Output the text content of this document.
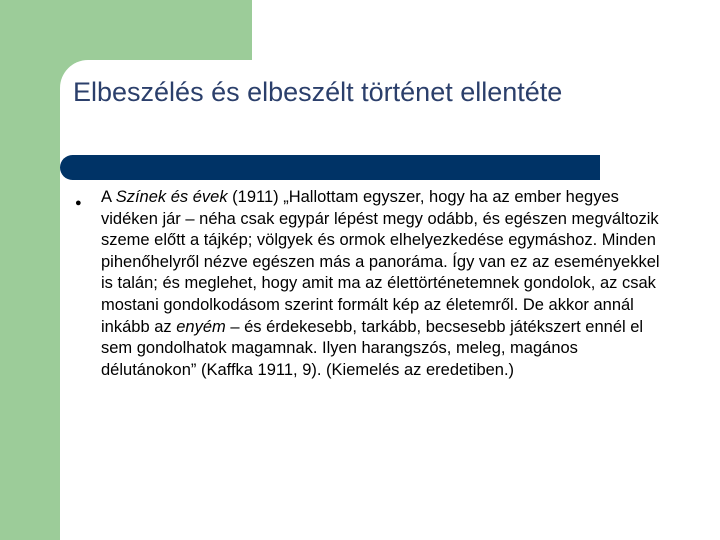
Elbeszélés és elbeszélt történet ellentéte
● A Színek és évek (1911) „Hallottam egyszer, hogy ha az ember hegyes vidéken jár – néha csak egypár lépést megy odább, és egészen megváltozik szeme előtt a tájkép; völgyek és ormok elhelyezkedése egymáshoz. Minden pihenőhelyről nézve egészen más a panoráma. Így van ez az eseményekkel is talán; és meglehet, hogy amit ma az élettörténetemnek gondolok, az csak mostani gondolkodásom szerint formált kép az életemről. De akkor annál inkább az enyém – és érdekesebb, tarkább, becsesebb játékszert ennél el sem gondolhatok magamnak. Ilyen harangszós, meleg, magános délutánokon” (Kaffka 1911, 9). (Kiemelés az eredetiben.)
